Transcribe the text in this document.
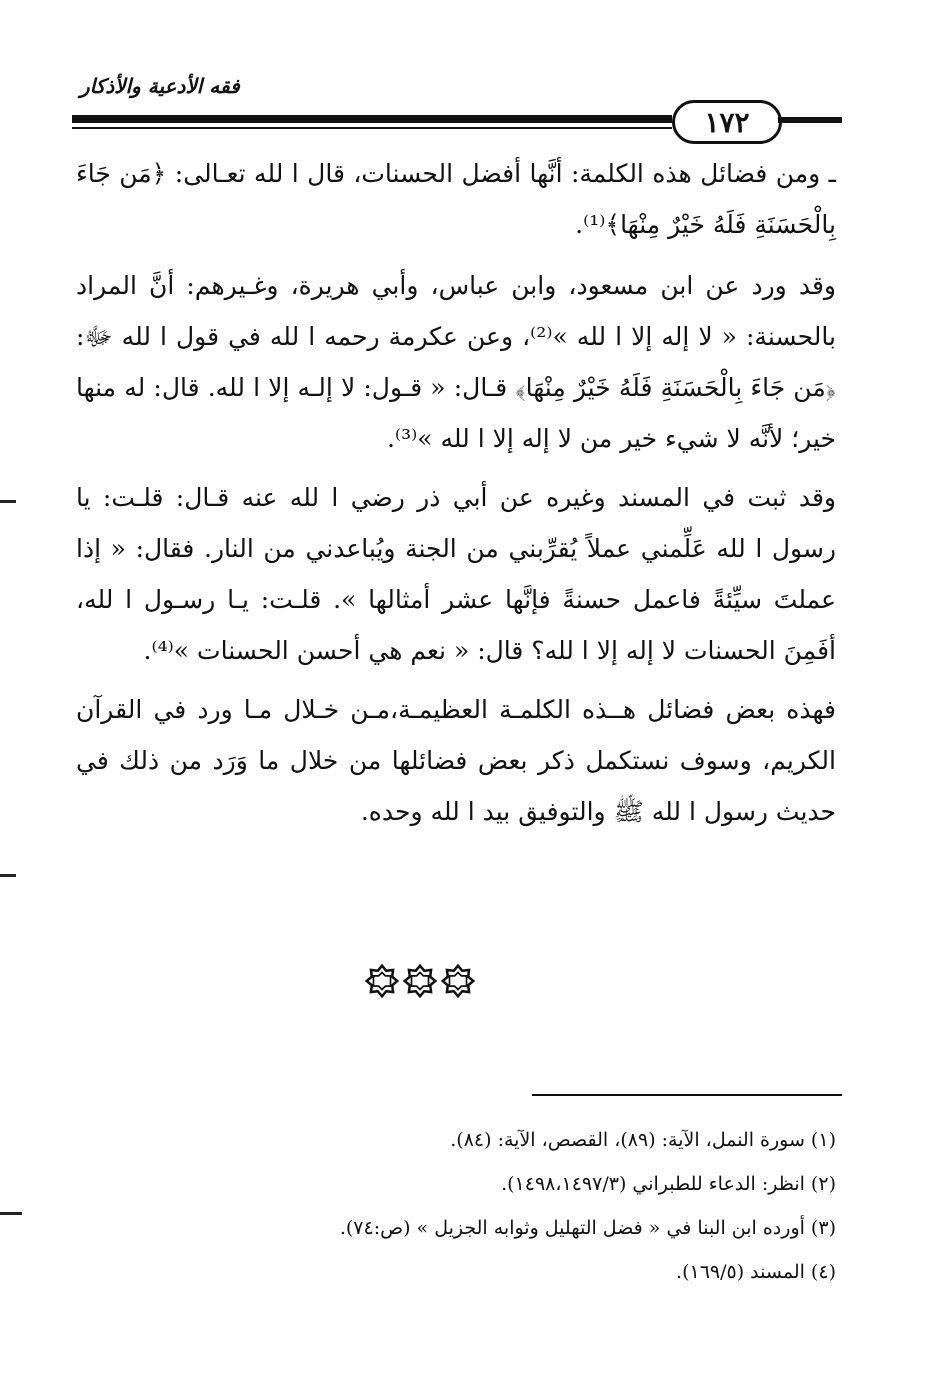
فقه الأدعية والأذكار
١٧٢

ـ ومن فضائل هذه الكلمة: أنَّها أفضل الحسنات، قال ا لله تعـالى: ﴿مَن جَاءَ بِالْحَسَنَةِ فَلَهُ خَيْرٌ مِنْهَا﴾⁽¹⁾.

وقد ورد عن ابن مسعود، وابن عباس، وأبي هريرة، وغـيرهم: أنَّ المراد بالحسنة: « لا إله إلا ا لله »⁽²⁾، وعن عكرمة رحمه ا لله في قول ا لله ﷻ: ﴿مَن جَاءَ بِالْحَسَنَةِ فَلَهُ خَيْرٌ مِنْهَا﴾ قـال: « قـول: لا إلـه إلا ا لله. قال: له منها خير؛ لأنَّه لا شيء خير من لا إله إلا ا لله »⁽³⁾.

وقد ثبت في المسند وغيره عن أبي ذر رضي ا لله عنه قـال: قلـت: يا رسول ا لله عَلِّمني عملاً يُقرِّبني من الجنة ويُباعدني من النار. فقال: « إذا عملتَ سيِّئةً فاعمل حسنةً فإنَّها عشر أمثالها ». قلـت: يـا رسـول ا لله، أفَمِنَ الحسنات لا إله إلا ا لله؟ قال: « نعم هي أحسن الحسنات »⁽⁴⁾.

فهذه بعض فضائل هــذه الكلمـة العظيمـة،مـن خـلال مـا ورد في القرآن الكريم، وسوف نستكمل ذكر بعض فضائلها من خلال ما وَرَد من ذلك في حديث رسول ا لله ﷺ والتوفيق بيد ا لله وحده.

(١) سورة النمل، الآية: (٨٩)، القصص، الآية: (٨٤).

(٢) انظر: الدعاء للطبراني (١٤٩٨،١٤٩٧/٣).

(٣) أورده ابن البنا في « فضل التهليل وثوابه الجزيل » (ص:٧٤).

(٤) المسند (١٦٩/٥).
